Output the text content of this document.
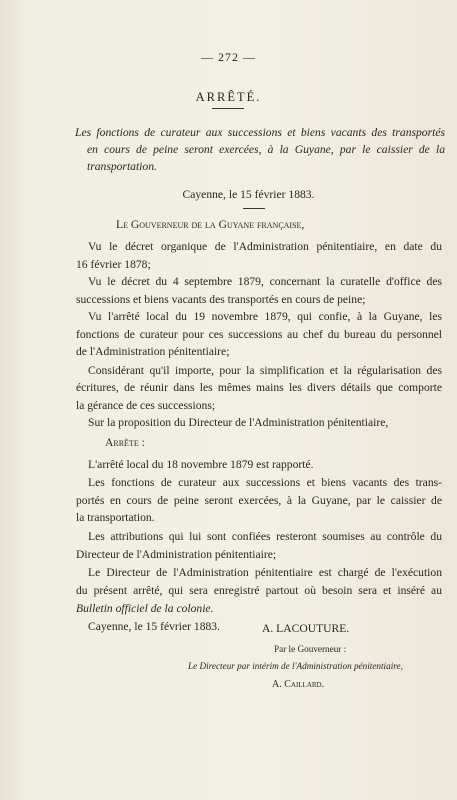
— 272 —
ARRÊTÉ.
Les fonctions de curateur aux successions et biens vacants des transportés
en cours de peine seront exercées, à la Guyane, par le caissier de la
transportation.
Cayenne, le 15 février 1883.
Le Gouverneur de la Guyane française,
Vu le décret organique de l'Administration pénitentiaire, en date du
16 février 1878;
Vu le décret du 4 septembre 1879, concernant la curatelle d'office des
successions et biens vacants des transportés en cours de peine;
Vu l'arrêté local du 19 novembre 1879, qui confie, à la Guyane, les
fonctions de curateur pour ces successions au chef du bureau du personnel
de l'Administration pénitentiaire;
Considérant qu'il importe, pour la simplification et la régularisation des
écritures, de réunir dans les mêmes mains les divers détails que comporte
la gérance de ces successions;
Sur la proposition du Directeur de l'Administration pénitentiaire,
Arrête :
L'arrêté local du 18 novembre 1879 est rapporté.
Les fonctions de curateur aux successions et biens vacants des trans-
portés en cours de peine seront exercées, à la Guyane, par le caissier de
la transportation.
Les attributions qui lui sont confiées resteront soumises au contrôle du
Directeur de l'Administration pénitentiaire;
Le Directeur de l'Administration pénitentiaire est chargé de l'exécution
du présent arrêté, qui sera enregistré partout où besoin sera et inséré au
Bulletin officiel de la colonie.
Cayenne, le 15 février 1883.	A. LACOUTURE.
Par le Gouverneur :
Le Directeur par intérim de l'Administration pénitentiaire,
A. Caillard.
